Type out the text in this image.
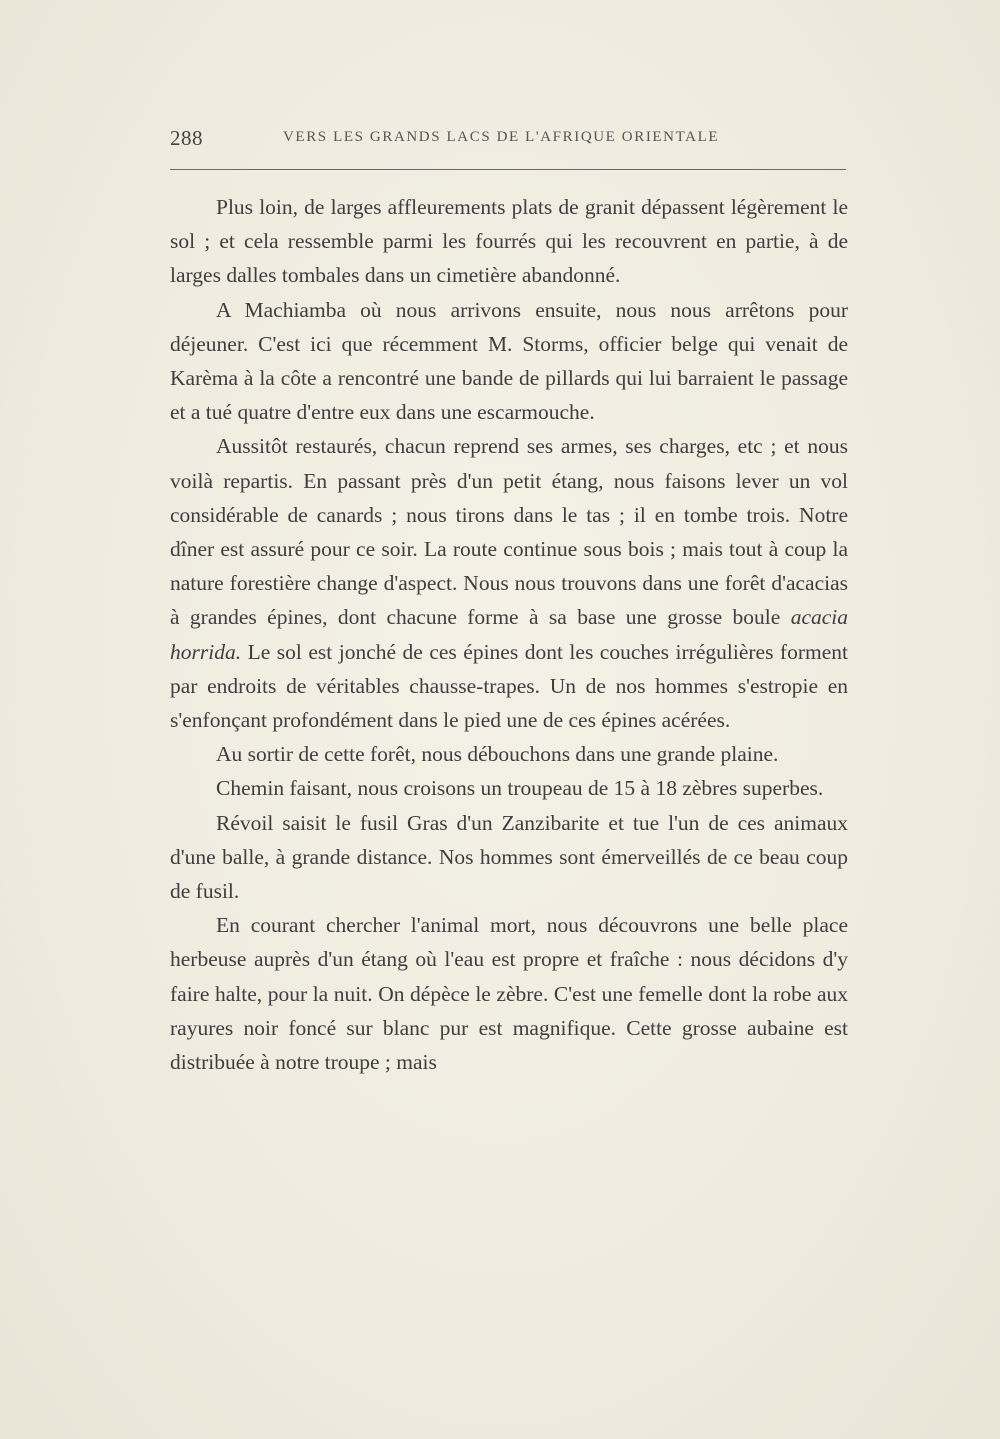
288	VERS LES GRANDS LACS DE L'AFRIQUE ORIENTALE

Plus loin, de larges affleurements plats de granit dépassent légèrement le sol ; et cela ressemble parmi les fourrés qui les recouvrent en partie, à de larges dalles tombales dans un cimetière abandonné.

A Machiamba où nous arrivons ensuite, nous nous arrêtons pour déjeuner. C'est ici que récemment M. Storms, officier belge qui venait de Karèma à la côte a rencontré une bande de pillards qui lui barraient le passage et a tué quatre d'entre eux dans une escarmouche.

Aussitôt restaurés, chacun reprend ses armes, ses charges, etc ; et nous voilà repartis. En passant près d'un petit étang, nous faisons lever un vol considérable de canards ; nous tirons dans le tas ; il en tombe trois. Notre dîner est assuré pour ce soir. La route continue sous bois ; mais tout à coup la nature forestière change d'aspect. Nous nous trouvons dans une forêt d'acacias à grandes épines, dont chacune forme à sa base une grosse boule acacia horrida. Le sol est jonché de ces épines dont les couches irrégulières forment par endroits de véritables chausse-trapes. Un de nos hommes s'estropie en s'enfonçant profondément dans le pied une de ces épines acérées.

Au sortir de cette forêt, nous débouchons dans une grande plaine.

Chemin faisant, nous croisons un troupeau de 15 à 18 zèbres superbes.

Révoil saisit le fusil Gras d'un Zanzibarite et tue l'un de ces animaux d'une balle, à grande distance. Nos hommes sont émerveillés de ce beau coup de fusil.

En courant chercher l'animal mort, nous découvrons une belle place herbeuse auprès d'un étang où l'eau est propre et fraîche : nous décidons d'y faire halte, pour la nuit. On dépèce le zèbre. C'est une femelle dont la robe aux rayures noir foncé sur blanc pur est magnifique. Cette grosse aubaine est distribuée à notre troupe ; mais
